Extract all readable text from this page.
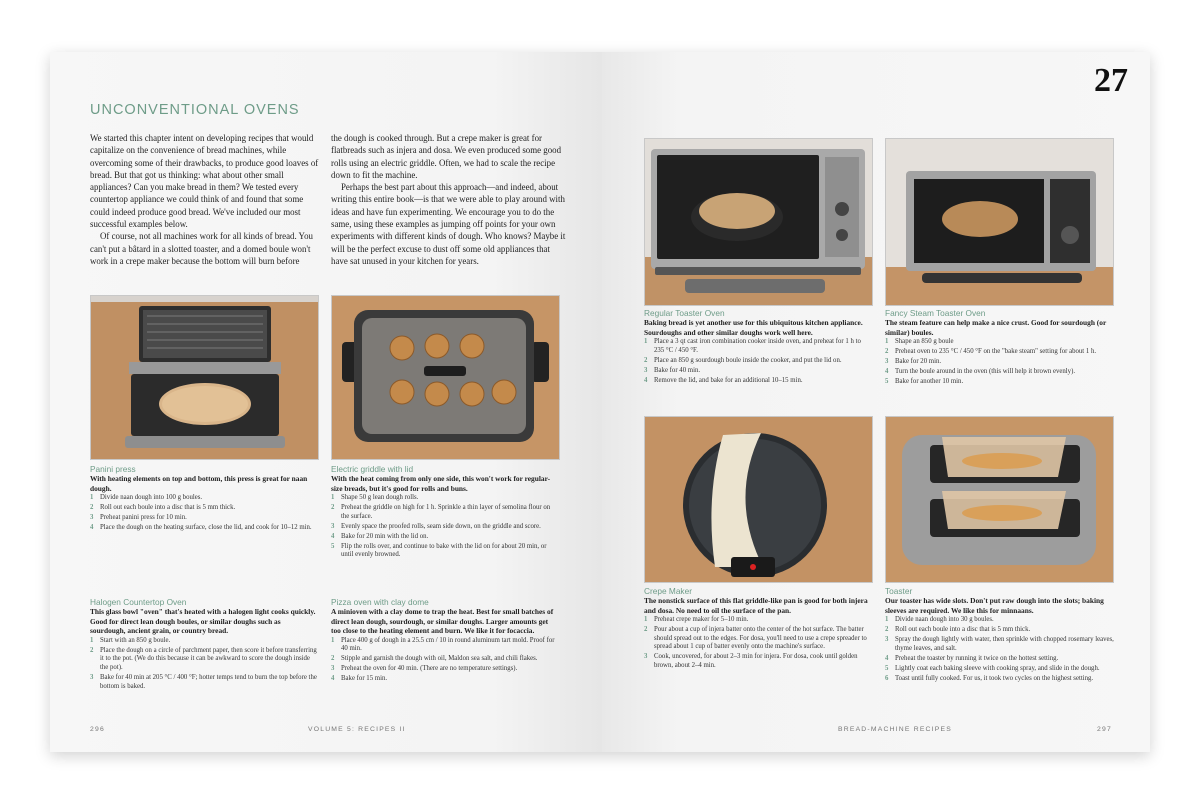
UNCONVENTIONAL OVENS

We started this chapter intent on developing recipes that would capitalize on the convenience of bread machines, while overcoming some of their drawbacks, to produce good loaves of bread. But that got us thinking: what about other small appliances? Can you make bread in them? We tested every countertop appliance we could think of and found that some could indeed produce good bread. We've included our most successful examples below.

Of course, not all machines work for all kinds of bread. You can't put a bâtard in a slotted toaster, and a domed boule won't work in a crepe maker because the bottom will burn before

the dough is cooked through. But a crepe maker is great for flatbreads such as injera and dosa. We even produced some good rolls using an electric griddle. Often, we had to scale the recipe down to fit the machine.

Perhaps the best part about this approach—and indeed, about writing this entire book—is that we were able to play around with ideas and have fun experimenting. We encourage you to do the same, using these examples as jumping off points for your own experiments with different kinds of dough. Who knows? Maybe it will be the perfect excuse to dust off some old appliances that have sat unused in your kitchen for years.

Panini press
With heating elements on top and bottom, this press is great for naan dough.
1 Divide naan dough into 100 g boules.
2 Roll out each boule into a disc that is 5 mm thick.
3 Preheat panini press for 10 min.
4 Place the dough on the heating surface, close the lid, and cook for 10–12 min.
Electric griddle with lid
With the heat coming from only one side, this won't work for regular-size breads, but it's good for rolls and buns.
1 Shape 50 g lean dough rolls.
2 Preheat the griddle on high for 1 h. Sprinkle a thin layer of semolina flour on the surface.
3 Evenly space the proofed rolls, seam side down, on the griddle and score.
4 Bake for 20 min with the lid on.
5 Flip the rolls over, and continue to bake with the lid on for about 20 min, or until evenly browned.
Halogen Countertop Oven
This glass bowl "oven" that's heated with a halogen light cooks quickly. Good for direct lean dough boules, or similar doughs such as sourdough, ancient grain, or country bread.
1 Start with an 850 g boule.
2 Place the dough on a circle of parchment paper, then score it before transferring it to the pot. (We do this because it can be awkward to score the dough inside the pot).
3 Bake for 40 min at 205 °C / 400 °F; hotter temps tend to burn the top before the bottom is baked.
Pizza oven with clay dome
A minioven with a clay dome to trap the heat. Best for small batches of direct lean dough, sourdough, or similar doughs. Larger amounts get too close to the heating element and burn. We like it for focaccia.
1 Place 400 g of dough in a 25.5 cm / 10 in round aluminum tart mold. Proof for 40 min.
2 Stipple and garnish the dough with oil, Maldon sea salt, and chili flakes.
3 Preheat the oven for 40 min. (There are no temperature settings).
4 Bake for 15 min.
296	VOLUME 5: RECIPES II
27
Regular Toaster Oven
Baking bread is yet another use for this ubiquitous kitchen appliance. Sourdoughs and other similar doughs work well here.
1 Place a 3 qt cast iron combination cooker inside oven, and preheat for 1 h to 235 °C / 450 °F.
2 Place an 850 g sourdough boule inside the cooker, and put the lid on.
3 Bake for 40 min.
4 Remove the lid, and bake for an additional 10–15 min.
Fancy Steam Toaster Oven
The steam feature can help make a nice crust. Good for sourdough (or similar) boules.
1 Shape an 850 g boule
2 Preheat oven to 235 °C / 450 °F on the "bake steam" setting for about 1 h.
3 Bake for 20 min.
4 Turn the boule around in the oven (this will help it brown evenly).
5 Bake for another 10 min.
Crepe Maker
The nonstick surface of this flat griddle-like pan is good for both injera and dosa. No need to oil the surface of the pan.
1 Preheat crepe maker for 5–10 min.
2 Pour about a cup of injera batter onto the center of the hot surface. The batter should spread out to the edges. For dosa, you'll need to use a crepe spreader to spread about 1 cup of batter evenly onto the machine's surface.
3 Cook, uncovered, for about 2–3 min for injera. For dosa, cook until golden brown, about 2–4 min.
Toaster
Our toaster has wide slots. Don't put raw dough into the slots; baking sleeves are required. We like this for minnaans.
1 Divide naan dough into 30 g boules.
2 Roll out each boule into a disc that is 5 mm thick.
3 Spray the dough lightly with water, then sprinkle with chopped rosemary leaves, thyme leaves, and salt.
4 Preheat the toaster by running it twice on the hottest setting.
5 Lightly coat each baking sleeve with cooking spray, and slide in the dough.
6 Toast until fully cooked. For us, it took two cycles on the highest setting.
BREAD-MACHINE RECIPES	297
